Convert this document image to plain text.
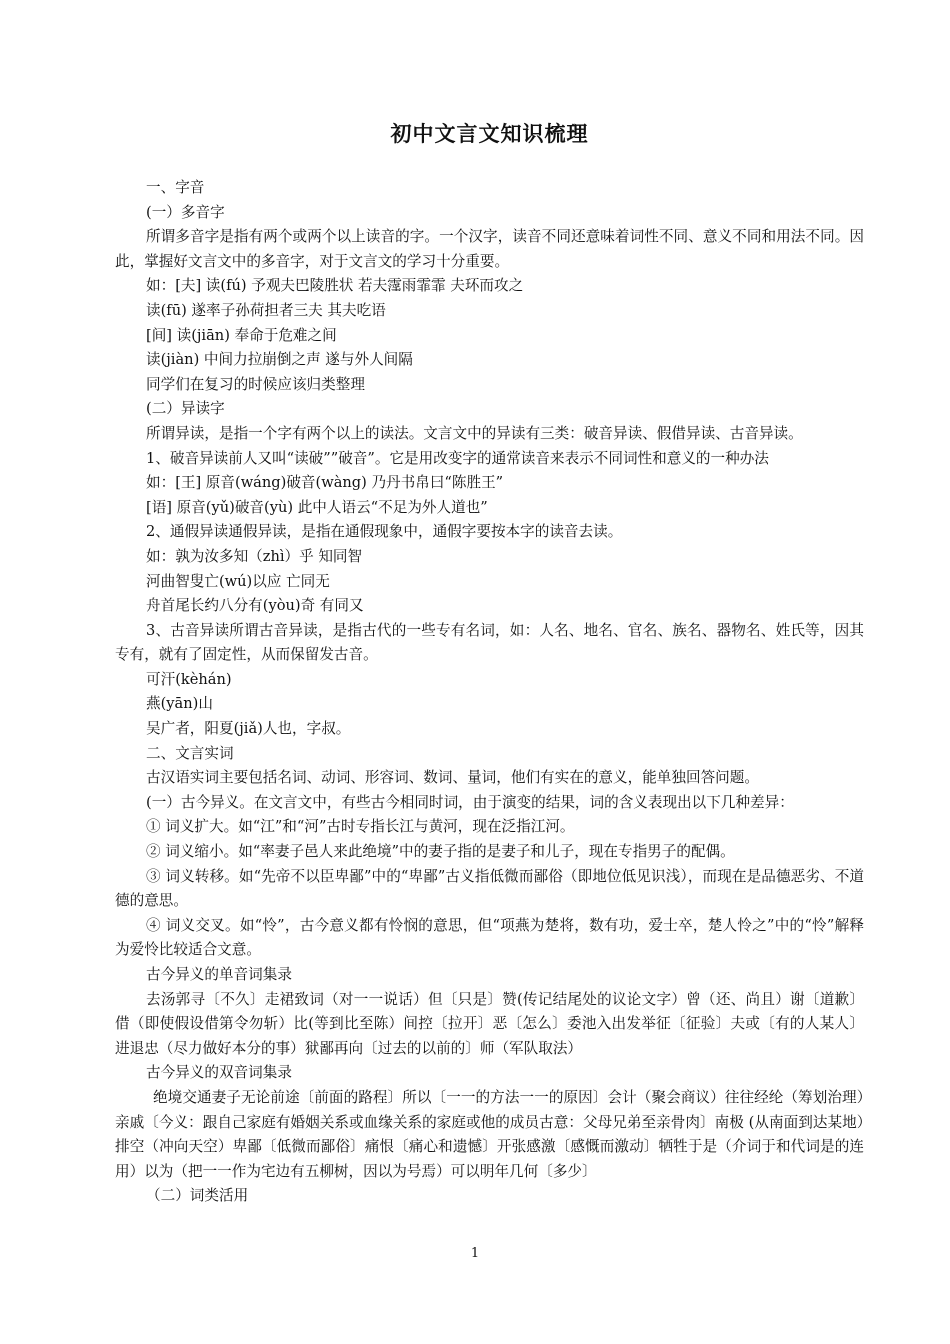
初中文言文知识梳理

一、字音

(一）多音字

所谓多音字是指有两个或两个以上读音的字。一个汉字，读音不同还意味着词性不同、意义不同和用法不同。因此，掌握好文言文中的多音字，对于文言文的学习十分重要。

如：[夫] 读(fú) 予观夫巴陵胜状 若夫霪雨霏霏 夫环而攻之

读(fū) 遂率子孙荷担者三夫 其夫吃语

[间] 读(jiān) 奉命于危难之间

读(jiàn) 中间力拉崩倒之声 遂与外人间隔

同学们在复习的时候应该归类整理

(二）异读字

所谓异读，是指一个字有两个以上的读法。文言文中的异读有三类：破音异读、假借异读、古音异读。

1、破音异读前人又叫“读破””破音”。它是用改变字的通常读音来表示不同词性和意义的一种办法

如：[王] 原音(wáng)破音(wàng) 乃丹书帛曰“陈胜王”

[语] 原音(yǔ)破音(yù) 此中人语云“不足为外人道也”

2、通假异读通假异读，是指在通假现象中，通假字要按本字的读音去读。

如：孰为汝多知（zhì）乎 知同智

河曲智叟亡(wú)以应 亡同无

舟首尾长约八分有(yòu)奇 有同又

3、古音异读所谓古音异读，是指古代的一些专有名词，如：人名、地名、官名、族名、器物名、姓氏等，因其专有，就有了固定性，从而保留发古音。

可汗(kèhán)

燕(yān)山

吴广者，阳夏(jiǎ)人也，字叔。

二、文言实词

古汉语实词主要包括名词、动词、形容词、数词、量词，他们有实在的意义，能单独回答问题。

(一）古今异义。在文言文中，有些古今相同时词，由于演变的结果，词的含义表现出以下几种差异：

① 词义扩大。如“江”和“河”古时专指长江与黄河，现在泛指江河。

② 词义缩小。如“率妻子邑人来此绝境”中的妻子指的是妻子和儿子，现在专指男子的配偶。

③ 词义转移。如“先帝不以臣卑鄙”中的“卑鄙”古义指低微而鄙俗（即地位低见识浅），而现在是品德恶劣、不道德的意思。

④ 词义交叉。如“怜”，古今意义都有怜悯的意思，但“项燕为楚将，数有功，爱士卒，楚人怜之”中的“怜”解释为爱怜比较适合文意。

古今异义的单音词集录

去汤郭寻〔不久〕走裙致词（对一一说话）但〔只是〕赞(传记结尾处的议论文字）曾（还、尚且）谢〔道歉〕借（即使假设借第令勿斩）比(等到比至陈）间控〔拉开〕恶〔怎么〕委池入出发举征〔征验〕夫或〔有的人某人〕进退忠（尽力做好本分的事）狱鄙再向〔过去的以前的〕师（军队取法）

古今异义的双音词集录

绝境交通妻子无论前途〔前面的路程〕所以〔一一的方法一一的原因〕会计（聚会商议）往往经纶（筹划治理）亲戚〔今义：跟自己家庭有婚姻关系或血缘关系的家庭或他的成员古意：父母兄弟至亲骨肉〕南极 (从南面到达某地）排空（冲向天空）卑鄙〔低微而鄙俗〕痛恨〔痛心和遗憾〕开张感激〔感慨而激动〕牺牲于是（介词于和代词是的连用）以为（把一一作为宅边有五柳树，因以为号焉）可以明年几何〔多少〕

（二）词类活用

1
